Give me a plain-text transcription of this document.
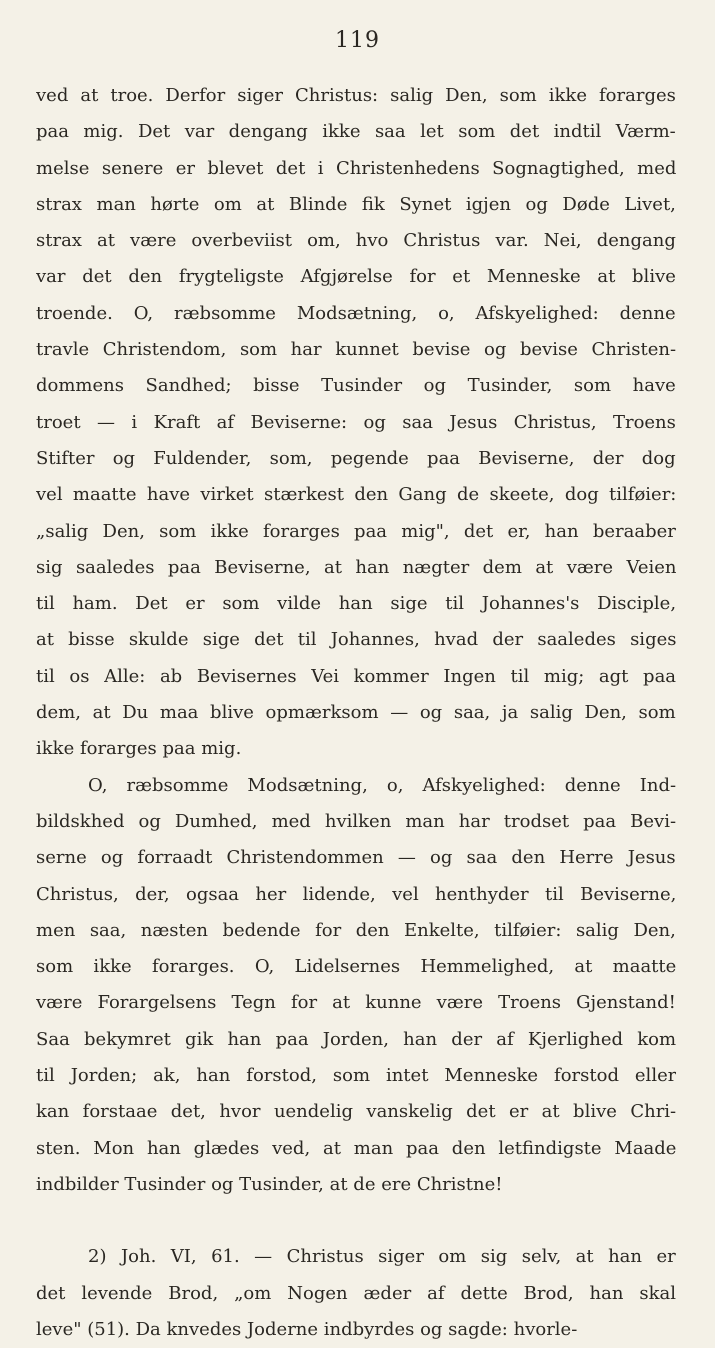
119
ved at troe. Derfor siger Christus: salig Den, som ikke forarges
paa mig. Det var dengang ikke saa let som det indtil Værm-
melse senere er blevet det i Christenhedens Sognagtighed, med
strax man hørte om at Blinde fik Synet igjen og Døde Livet,
strax at være overbeviist om, hvo Christus var. Nei, dengang
var det den frygteligste Afgjørelse for et Menneske at blive
troende. O, ræbsomme Modsætning, o, Afskyelighed: denne
travle Christendom, som har kunnet bevise og bevise Christen-
dommens Sandhed; bisse Tusinder og Tusinder, som have
troet — i Kraft af Beviserne: og saa Jesus Christus, Troens
Stifter og Fuldender, som, pegende paa Beviserne, der dog
vel maatte have virket stærkest den Gang de skeete, dog tilføier:
„salig Den, som ikke forarges paa mig", det er, han beraaber
sig saaledes paa Beviserne, at han nægter dem at være Veien
til ham. Det er som vilde han sige til Johannes's Disciple,
at bisse skulde sige det til Johannes, hvad der saaledes siges
til os Alle: ab Bevisernes Vei kommer Ingen til mig; agt paa
dem, at Du maa blive opmærksom — og saa, ja salig Den, som
ikke forarges paa mig.
O, ræbsomme Modsætning, o, Afskyelighed: denne Ind-
bildskhed og Dumhed, med hvilken man har trodset paa Bevi-
serne og forraadt Christendommen — og saa den Herre Jesus
Christus, der, ogsaa her lidende, vel henthyder til Beviserne,
men saa, næsten bedende for den Enkelte, tilføier: salig Den,
som ikke forarges. O, Lidelsernes Hemmelighed, at maatte
være Forargelsens Tegn for at kunne være Troens Gjenstand!
Saa bekymret gik han paa Jorden, han der af Kjerlighed kom
til Jorden; ak, han forstod, som intet Menneske forstod eller
kan forstaae det, hvor uendelig vanskelig det er at blive Chri-
sten. Mon han glædes ved, at man paa den letfindigste Maade
indbilder Tusinder og Tusinder, at de ere Christne!
2) Joh. VI, 61. — Christus siger om sig selv, at han er
det levende Brod, „om Nogen æder af dette Brod, han skal
leve" (51). Da knvedes Joderne indbyrdes og sagde: hvorle-
